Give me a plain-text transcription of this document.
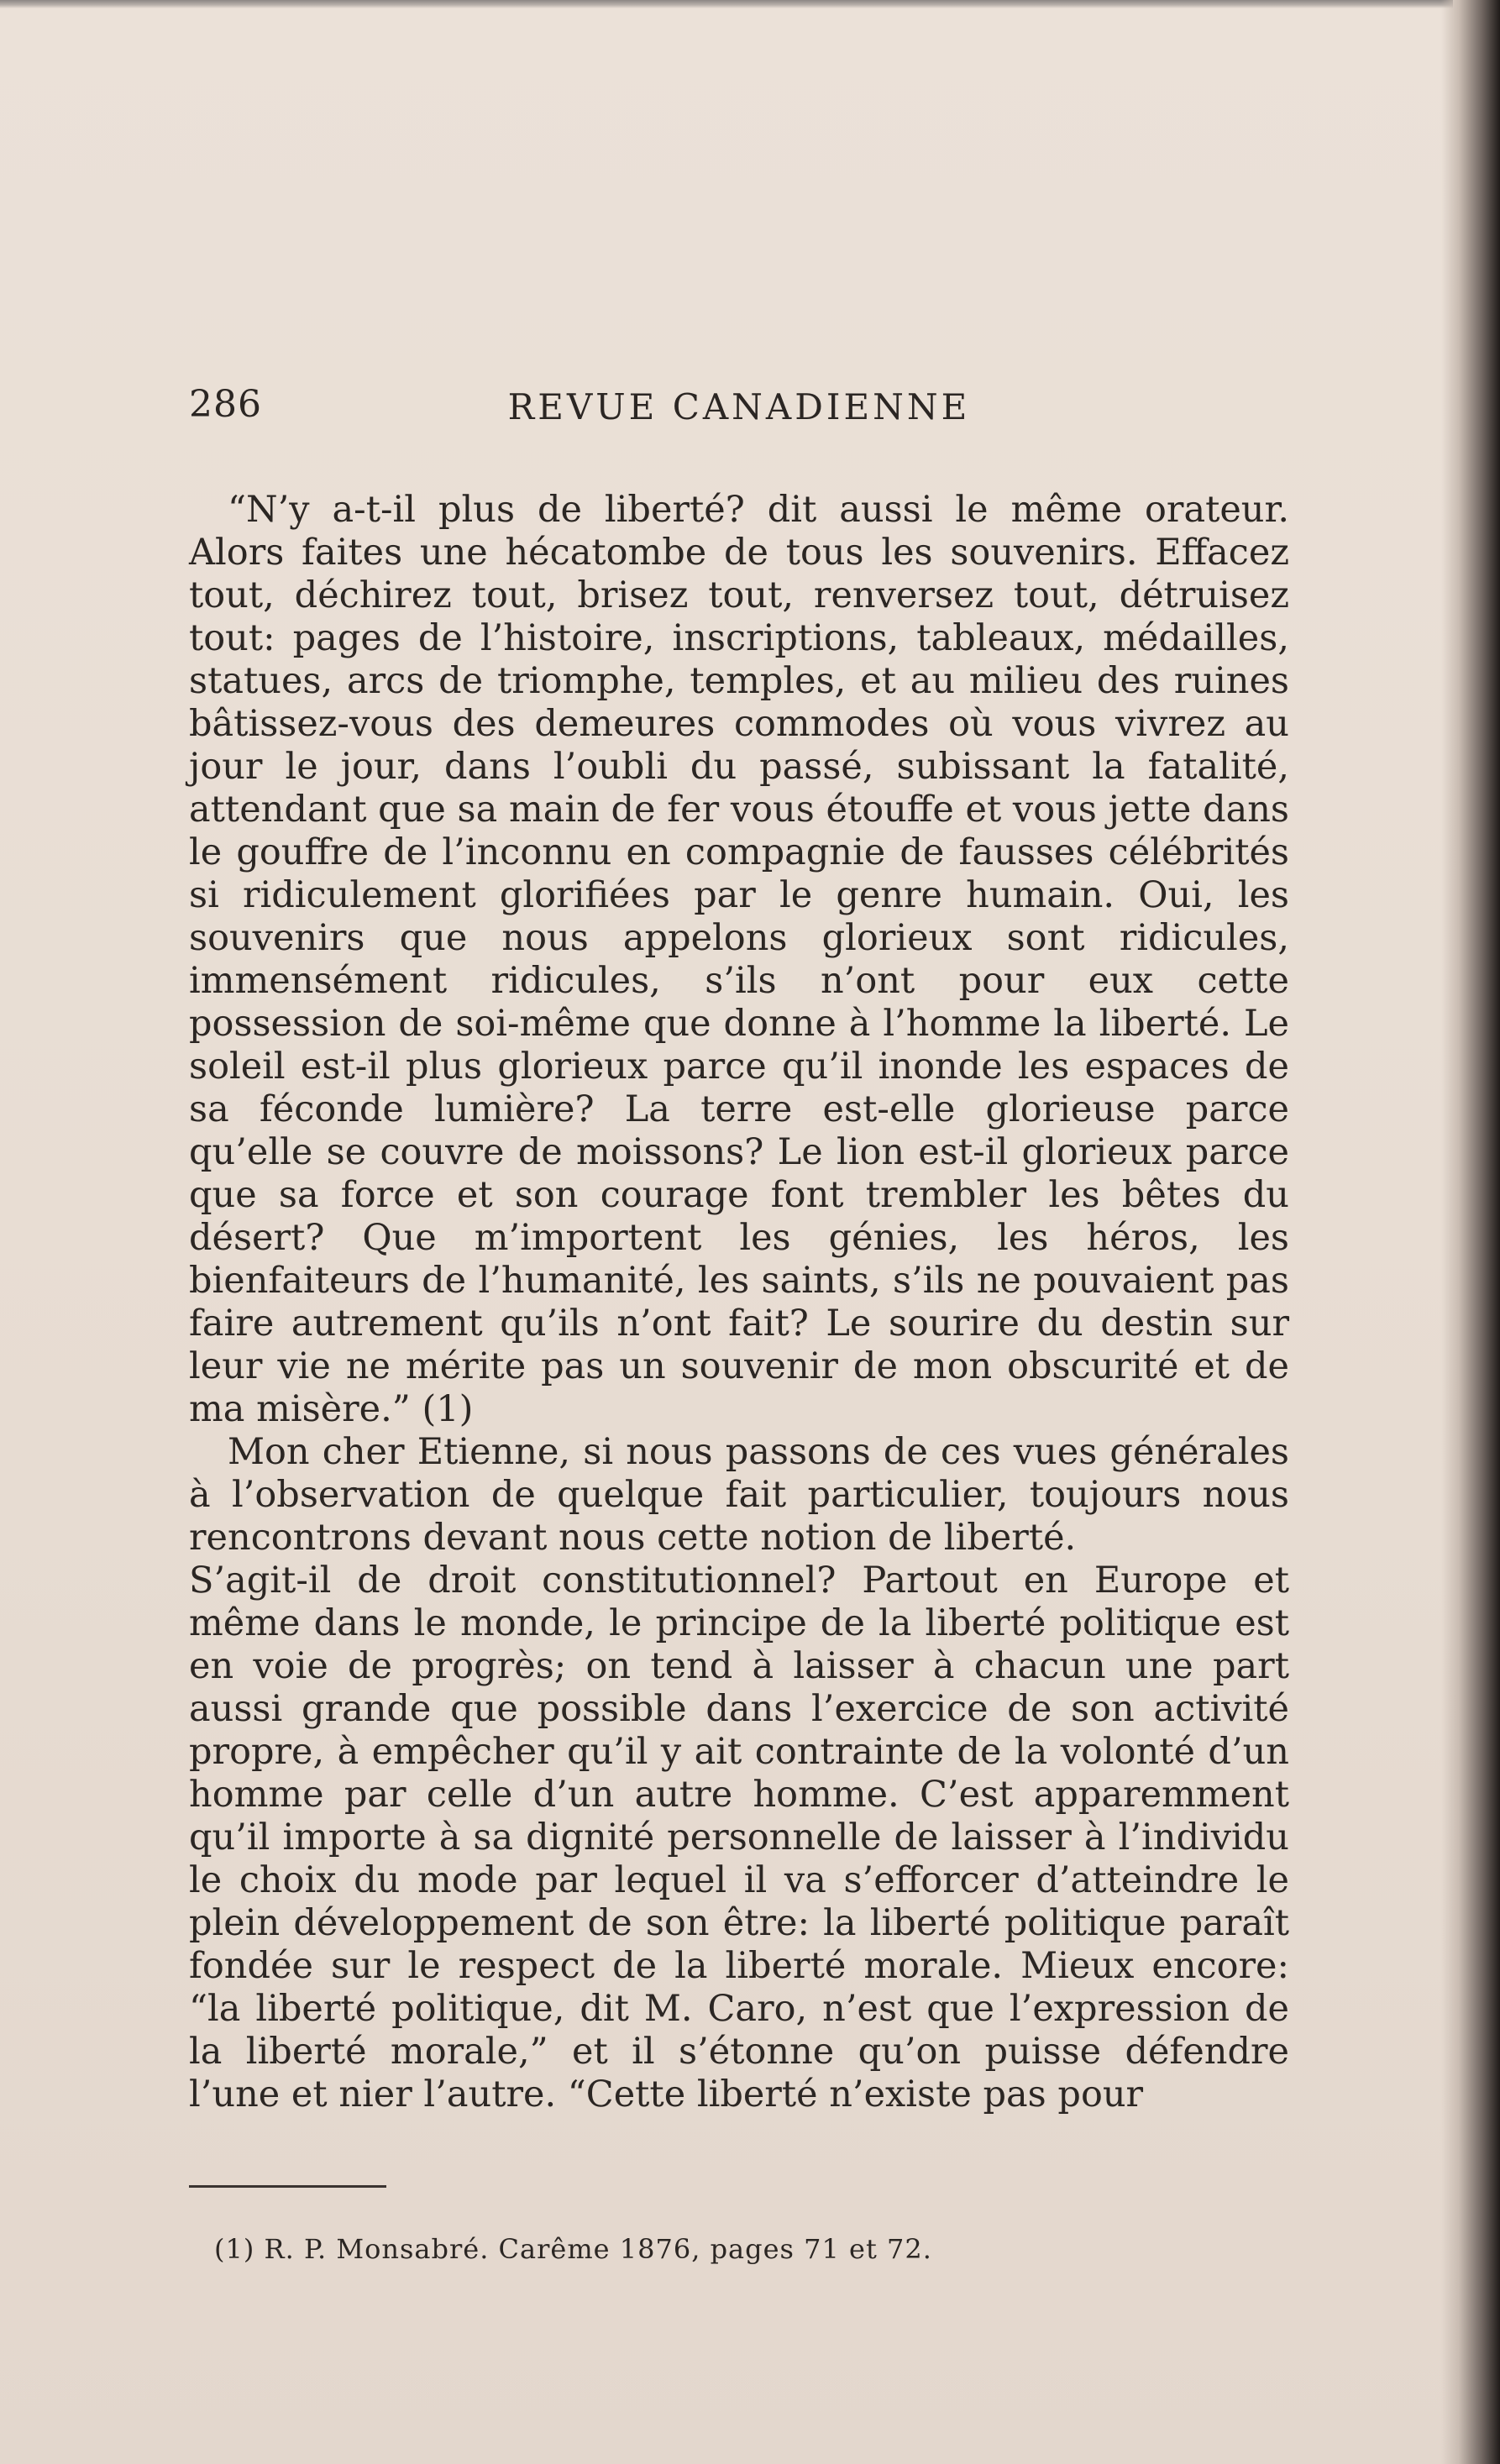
286	REVUE CANADIENNE

“N’y a-t-il plus de liberté? dit aussi le même orateur. Alors faites une hécatombe de tous les souvenirs. Effacez tout, déchirez tout, brisez tout, renversez tout, détruisez tout: pages de l’histoire, inscriptions, tableaux, médailles, statues, arcs de triomphe, temples, et au milieu des ruines bâtissez-vous des demeures commodes où vous vivrez au jour le jour, dans l’oubli du passé, subissant la fatalité, attendant que sa main de fer vous étouffe et vous jette dans le gouffre de l’inconnu en compagnie de fausses célébrités si ridiculement glorifiées par le genre humain. Oui, les souvenirs que nous appelons glorieux sont ridicules, immensément ridicules, s’ils n’ont pour eux cette possession de soi-même que donne à l’homme la liberté. Le soleil est-il plus glorieux parce qu’il inonde les espaces de sa féconde lumière? La terre est-elle glorieuse parce qu’elle se couvre de moissons? Le lion est-il glorieux parce que sa force et son courage font trembler les bêtes du désert? Que m’importent les génies, les héros, les bienfaiteurs de l’humanité, les saints, s’ils ne pouvaient pas faire autrement qu’ils n’ont fait? Le sourire du destin sur leur vie ne mérite pas un souvenir de mon obscurité et de ma misère.” (1)

Mon cher Etienne, si nous passons de ces vues générales à l’observation de quelque fait particulier, toujours nous rencontrons devant nous cette notion de liberté.

S’agit-il de droit constitutionnel? Partout en Europe et même dans le monde, le principe de la liberté politique est en voie de progrès; on tend à laisser à chacun une part aussi grande que possible dans l’exercice de son activité propre, à empêcher qu’il y ait contrainte de la volonté d’un homme par celle d’un autre homme. C’est apparemment qu’il importe à sa dignité personnelle de laisser à l’individu le choix du mode par lequel il va s’efforcer d’atteindre le plein développement de son être: la liberté politique paraît fondée sur le respect de la liberté morale. Mieux encore: “la liberté politique, dit M. Caro, n’est que l’expression de la liberté morale,” et il s’étonne qu’on puisse défendre l’une et nier l’autre. “Cette liberté n’existe pas pour

(1) R. P. Monsabré. Carême 1876, pages 71 et 72.
